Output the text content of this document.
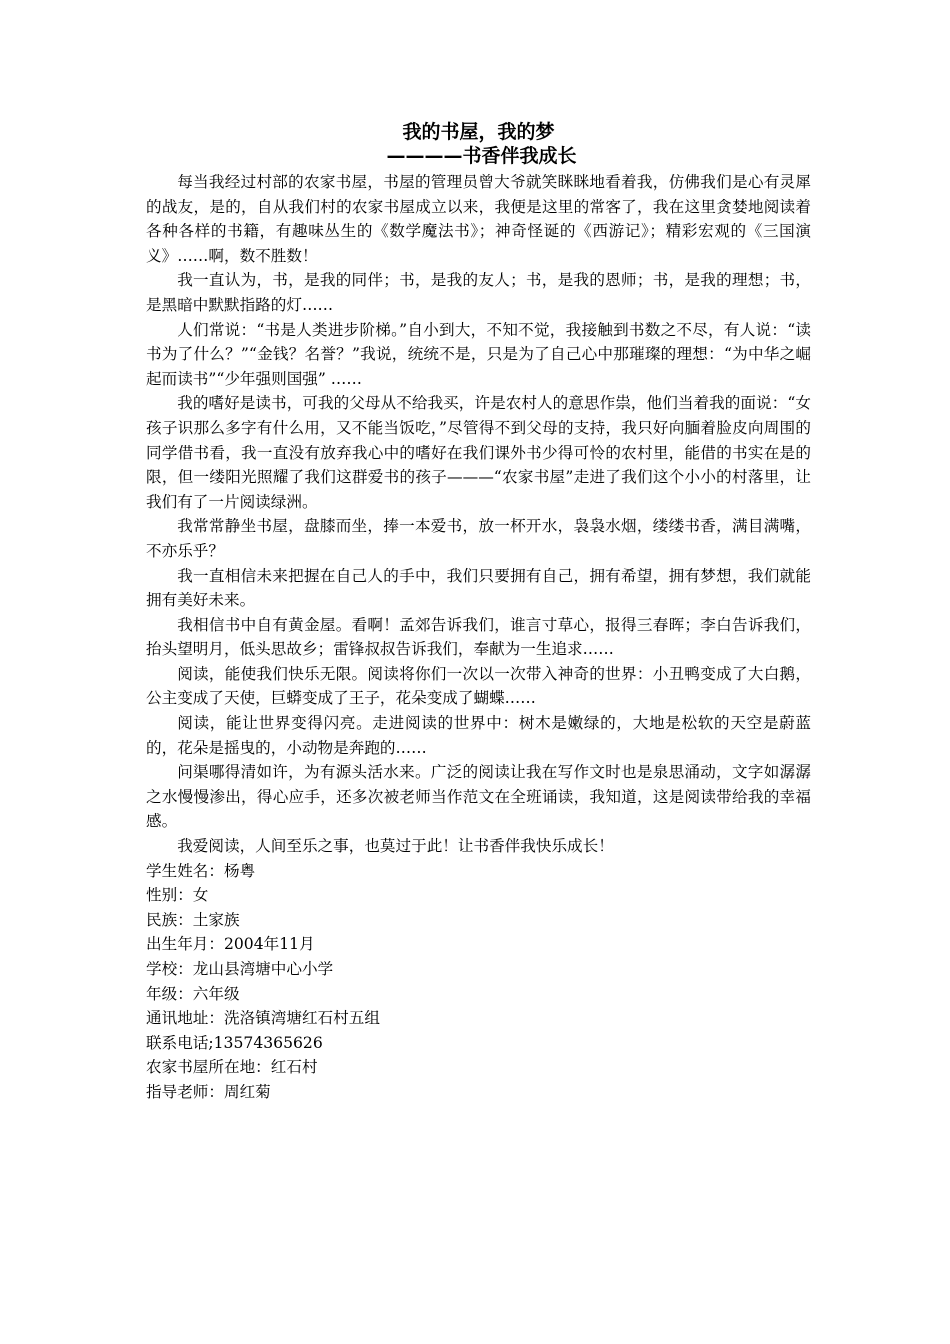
我的书屋，我的梦
————书香伴我成长

每当我经过村部的农家书屋，书屋的管理员曾大爷就笑眯眯地看着我，仿佛我们是心有灵犀的战友，是的，自从我们村的农家书屋成立以来，我便是这里的常客了，我在这里贪婪地阅读着各种各样的书籍，有趣味丛生的《数学魔法书》；神奇怪诞的《西游记》；精彩宏观的《三国演义》……啊，数不胜数！

我一直认为，书，是我的同伴；书，是我的友人；书，是我的恩师；书，是我的理想；书，是黑暗中默默指路的灯……

人们常说：“书是人类进步阶梯。”自小到大，不知不觉，我接触到书数之不尽，有人说：“读书为了什么？”“金钱？名誉？”我说，统统不是，只是为了自己心中那璀璨的理想：“为中华之崛起而读书”“少年强则国强” ……

我的嗜好是读书，可我的父母从不给我买，许是农村人的意思作祟，他们当着我的面说：“女孩子识那么多字有什么用，又不能当饭吃，”尽管得不到父母的支持，我只好向腼着脸皮向周围的同学借书看，我一直没有放弃我心中的嗜好在我们课外书少得可怜的农村里，能借的书实在是的限，但一缕阳光照耀了我们这群爱书的孩子———“农家书屋”走进了我们这个小小的村落里，让我们有了一片阅读绿洲。

我常常静坐书屋，盘膝而坐，捧一本爱书，放一杯开水，袅袅水烟，缕缕书香，满目满嘴，不亦乐乎？

我一直相信未来把握在自己人的手中，我们只要拥有自己，拥有希望，拥有梦想，我们就能拥有美好未来。

我相信书中自有黄金屋。看啊！孟郊告诉我们，谁言寸草心，报得三春晖；李白告诉我们，抬头望明月，低头思故乡；雷锋叔叔告诉我们，奉献为一生追求……

阅读，能使我们快乐无限。阅读将你们一次以一次带入神奇的世界：小丑鸭变成了大白鹅， 公主变成了天使，巨蟒变成了王子，花朵变成了蝴蝶……

阅读，能让世界变得闪亮。走进阅读的世界中：树木是嫩绿的，大地是松软的天空是蔚蓝的，花朵是摇曳的，小动物是奔跑的……

问渠哪得清如许，为有源头活水来。广泛的阅读让我在写作文时也是泉思涌动，文字如潺潺之水慢慢渗出，得心应手，还多次被老师当作范文在全班诵读，我知道，这是阅读带给我的幸福感。

我爱阅读，人间至乐之事，也莫过于此！让书香伴我快乐成长！

学生姓名：杨粤

性别：女

民族：土家族

出生年月：2004年11月

学校：龙山县湾塘中心小学

年级：六年级

通讯地址：洗洛镇湾塘红石村五组

联系电话;13574365626

农家书屋所在地：红石村

指导老师：周红菊
